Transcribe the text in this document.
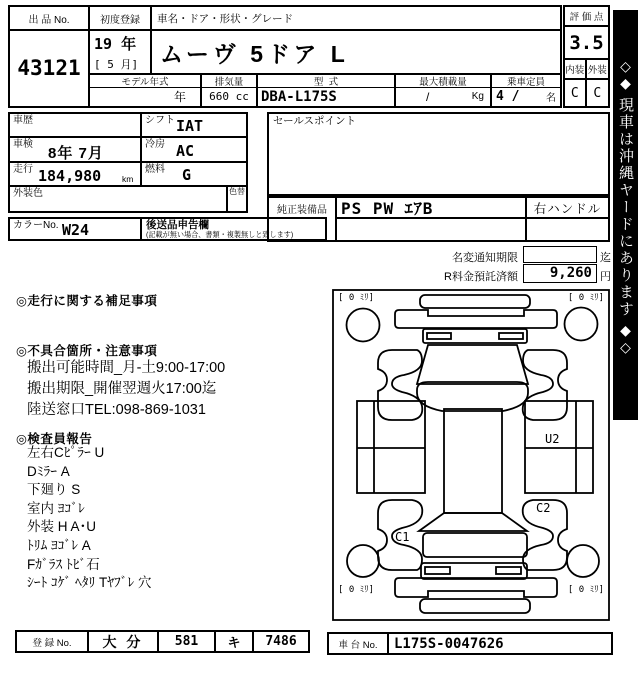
出 品 No.
43121
初度登録
19 年
[ 5 月]
車名・ドア・形状・グレード
ムーヴ 5ドア L
モデル年式
年
排気量
660 cc
型  式
DBA-L175S
最大積載量
/	Kg
乗車定員
4 /	名
評 価 点
3.5
内装 外装
C	C
車歴	シフト IAT
車検
8年 7月
冷房 AC
走行 184,980 km
燃料 G
外装色	色替
カラーNo. W24	後送品申告欄
(記載が無い場合、書類・複製無しと致します)
セールスポイント
純正装備品 PS PW ｴｱB	右ハンドル
名変通知期限	迄
R料金預託済額	9,260 円
◎走行に関する補足事項
◎不具合箇所・注意事項
搬出可能時間_月-土9:00-17:00
搬出期限_開催翌週火17:00迄
陸送窓口TEL:098-869-1031
◎検査員報告
左右Cﾋﾟﾗｰ U
Dﾐﾗｰ A
下廻り S
室内 ﾖｺﾞﾚ
外装 H A･U
ﾄﾘﾑ ﾖｺﾞﾚ A
Fｶﾞﾗｽ ﾄﾋﾞ石
ｼｰﾄ ｺｹﾞ ﾍﾀﾘ Tﾔﾌﾞﾚ 穴
[ 0 ﾐﾘ]	[ 0 ﾐﾘ]
[ 0 ﾐﾘ]	[ 0 ﾐﾘ]
U2
C2
C1
登 録 No.	大 分	581	キ	7486	車 台 No.	L175S-0047626
◇
◆
現車は沖縄ヤードにあります
◆
◇
